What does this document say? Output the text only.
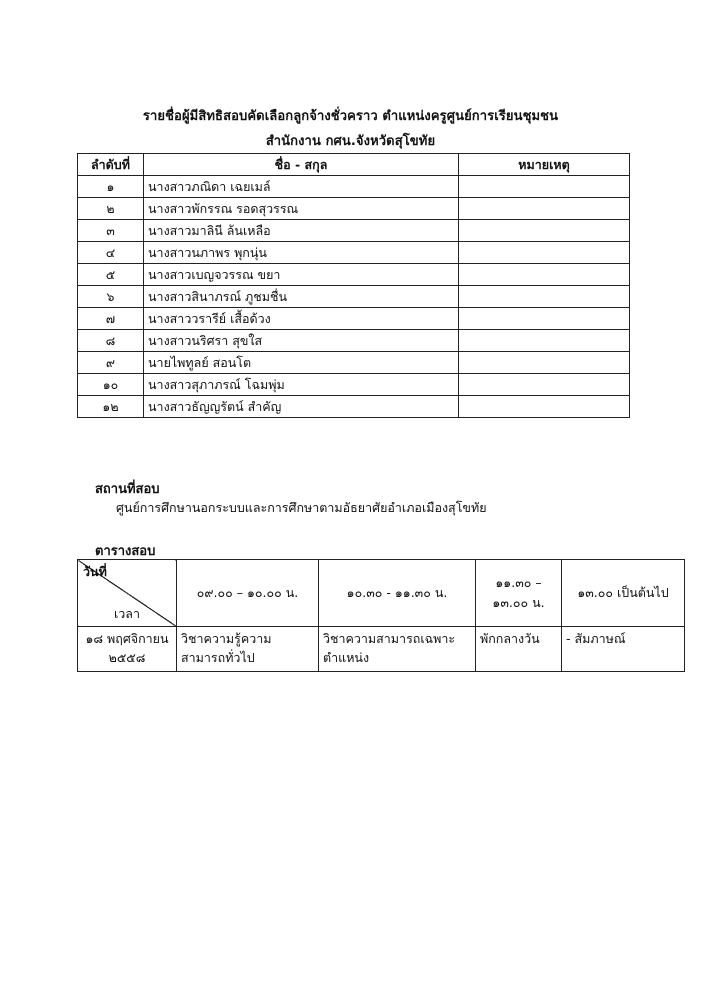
รายชื่อผู้มีสิทธิสอบคัดเลือกลูกจ้างชั่วคราว ตำแหน่งครูศูนย์การเรียนชุมชน
สำนักงาน กศน.จังหวัดสุโขทัย
ลำดับที่	ชื่อ - สกุล	หมายเหตุ
๑	นางสาวภณิดา เฉยเมล์	
๒	นางสาวพักรรณ รอดสุวรรณ	
๓	นางสาวมาลินี ล้นเหลือ	
๔	นางสาวนภาพร พุกนุ่น	
๕	นางสาวเบญจวรรณ ขยา	
๖	นางสาวสินาภรณ์ ภูชมชื่น	
๗	นางสาววรารีย์ เสื้อด้วง	
๘	นางสาวนริศรา สุขใส	
๙	นายไพทูลย์ สอนโต	
๑๐	นางสาวสุภาภรณ์ โฉมพุ่ม	
๑๒	นางสาวธัญญรัตน์ สำคัญ	
สถานที่สอบ
ศูนย์การศึกษานอกระบบและการศึกษาตามอัธยาศัยอำเภอเมืองสุโขทัย
ตารางสอบ
วันที่
เวลา	๐๙.๐๐ – ๑๐.๐๐ น.	๑๐.๓๐ - ๑๑.๓๐ น.	๑๑.๓๐ – ๑๓.๐๐ น.	๑๓.๐๐ เป็นต้นไป
๑๘ พฤศจิกายน ๒๕๕๘	วิชาความรู้ความสามารถทั่วไป	วิชาความสามารถเฉพาะตำแหน่ง	พักกลางวัน	- สัมภาษณ์
